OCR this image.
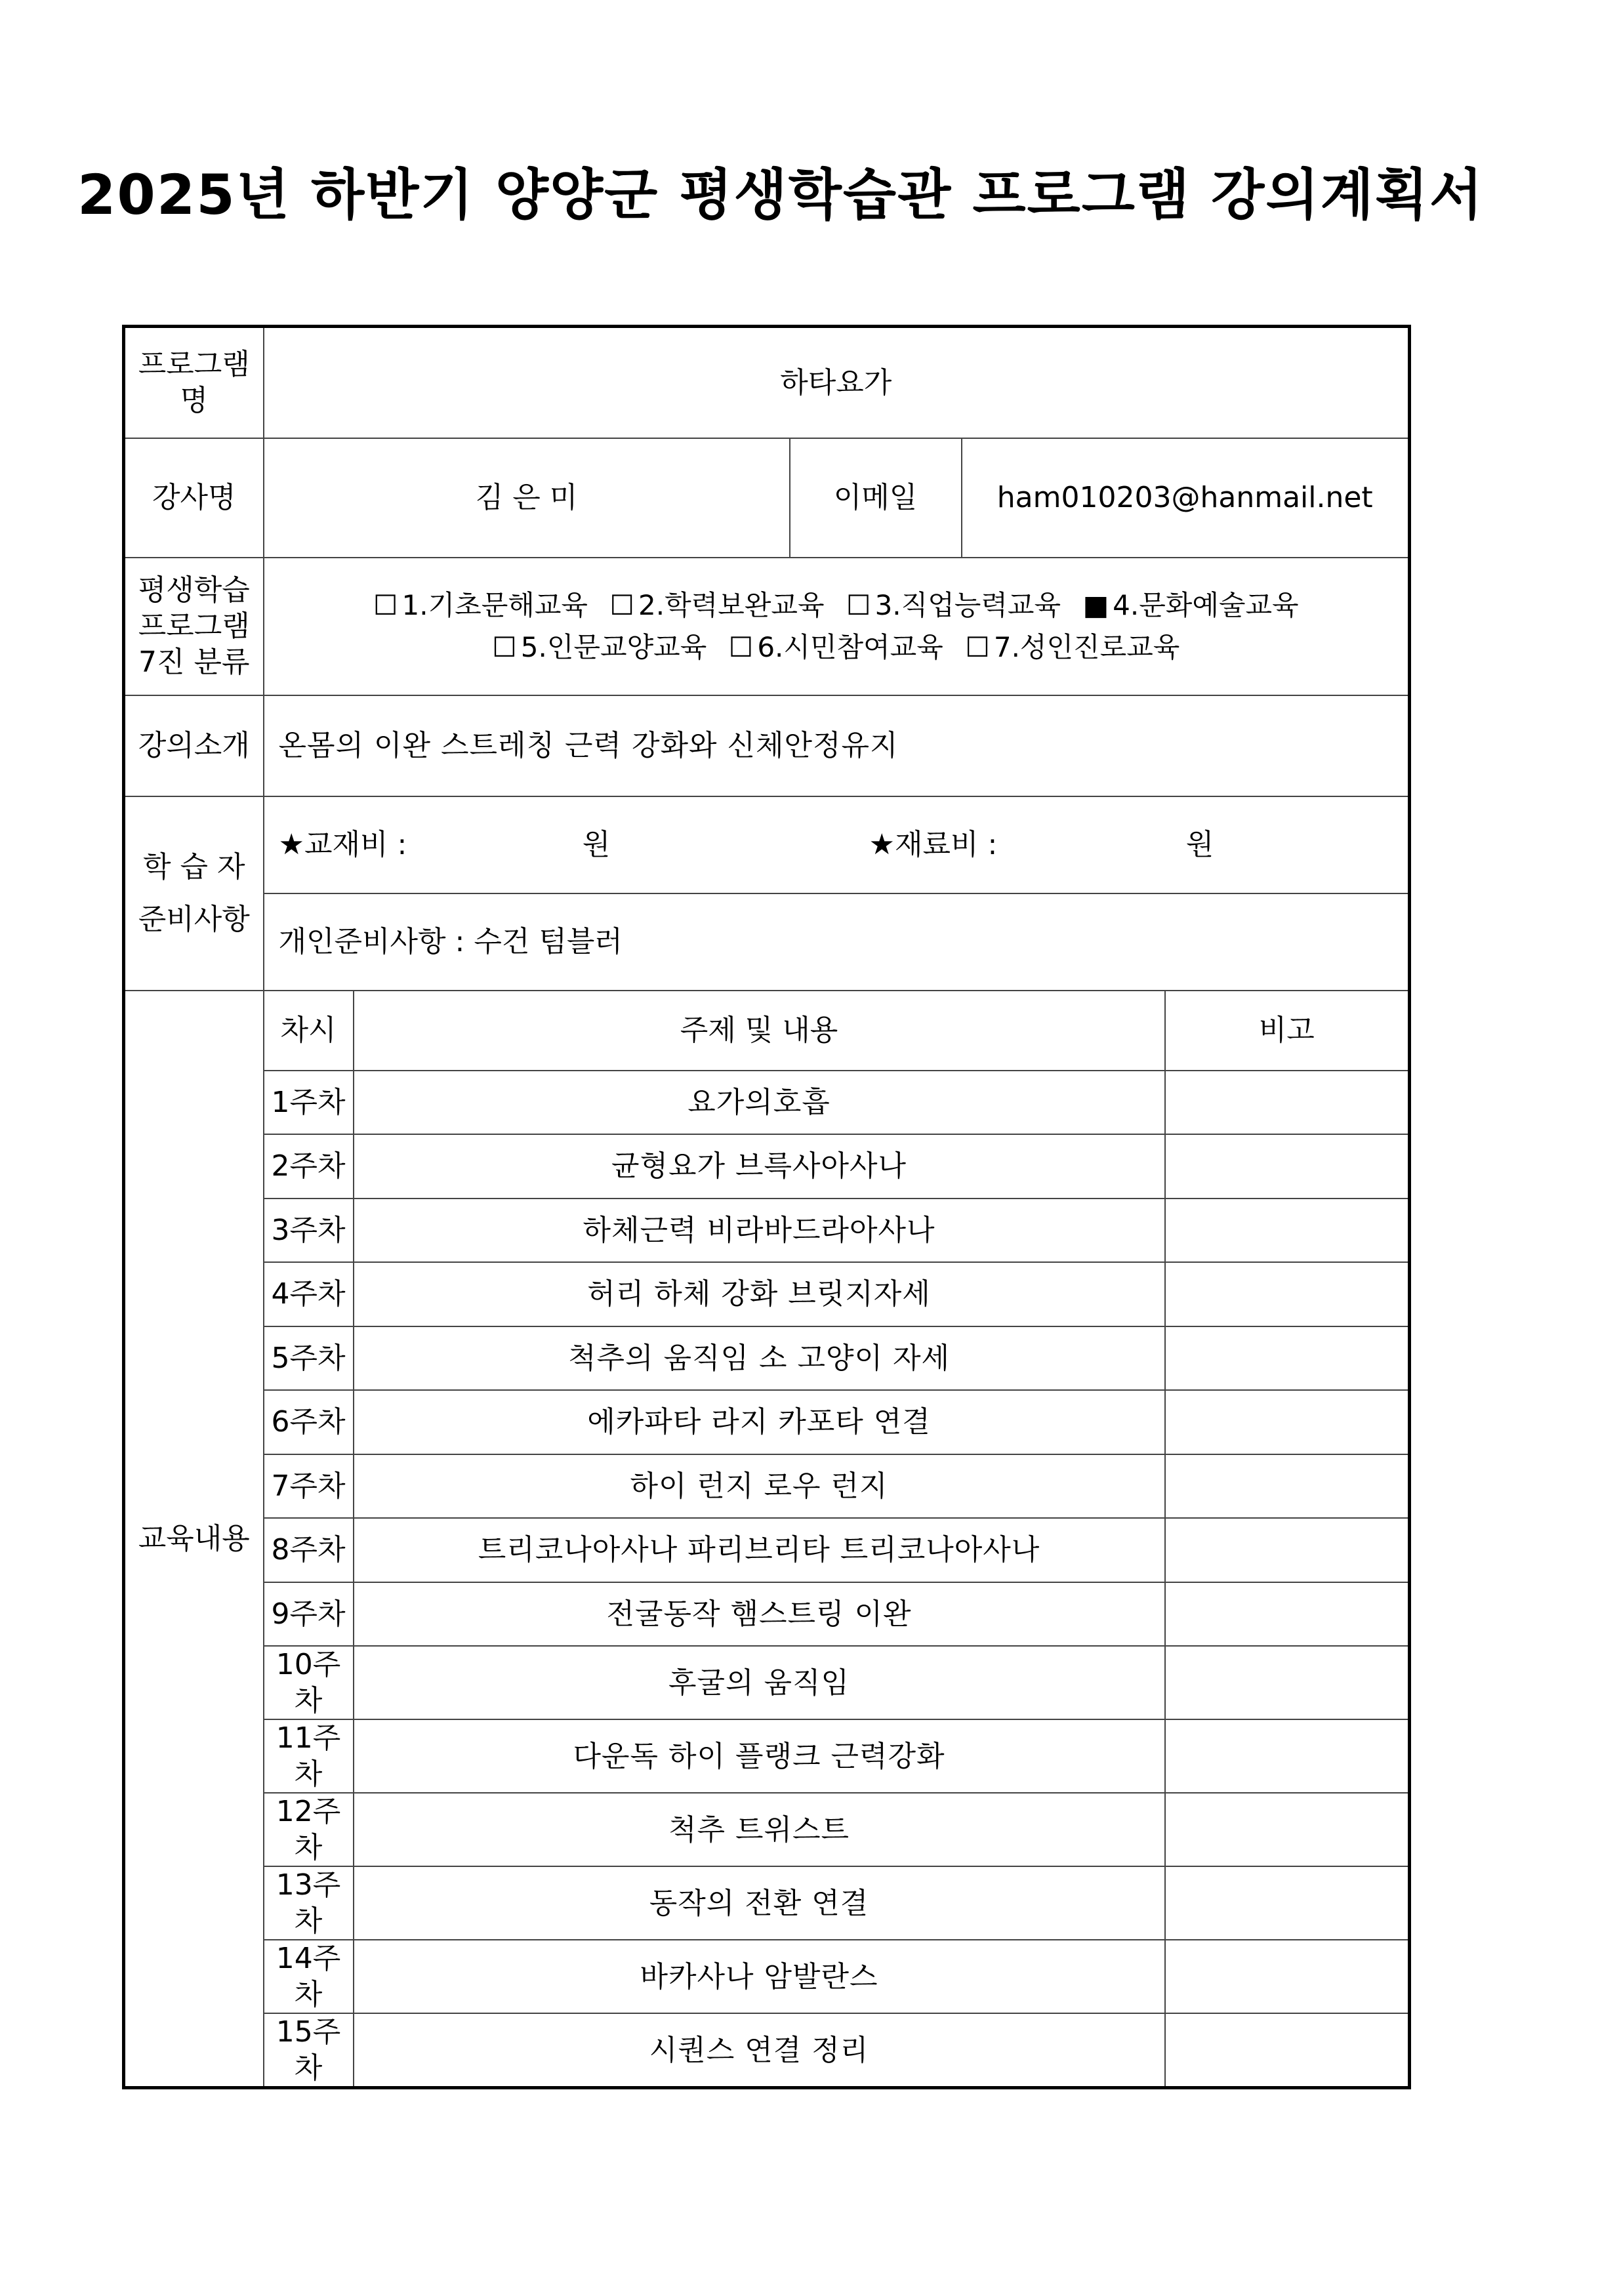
2025년 하반기 양양군 평생학습관 프로그램 강의계획서
프로그램명	하타요가				
강사명	김 은 미		이메일	ham010203@hanmail.net	

평생학습
프로그램
7진 분류	☐ 1.기초문해교육 ☐ 2.학력보완교육 ☐ 3.직업능력교육 ■ 4.문화예술교육
☐ 5.인문교양교육 ☐ 6.시민참여교육 ☐ 7.성인진로교육				

강의소개	온몸의 이완 스트레칭 근력 강화와 신체안정유지				

학 습 자
준비사항	★교재비 : 원 ★재료비 : 원				
	개인준비사항 : 수건 텀블러				
교육내용	차시	주제 및 내용			비고
	1주차	요가의호흡			
	2주차	균형요가 브륵사아사나			
	3주차	하체근력 비라바드라아사나			
	4주차	허리 하체 강화 브릿지자세			
	5주차	척추의 움직임 소 고양이 자세			
	6주차	에카파타 라지 카포타 연결			
	7주차	하이 런지 로우 런지			
	8주차	트리코나아사나 파리브리타 트리코나아사나			
	9주차	전굴동작 햄스트링 이완			
	10주차	후굴의 움직임			
	11주차	다운독 하이 플랭크 근력강화			
	12주차	척추 트위스트			
	13주차	동작의 전환 연결			
	14주차	바카사나 암발란스			
	15주차	시퀀스 연결 정리			
